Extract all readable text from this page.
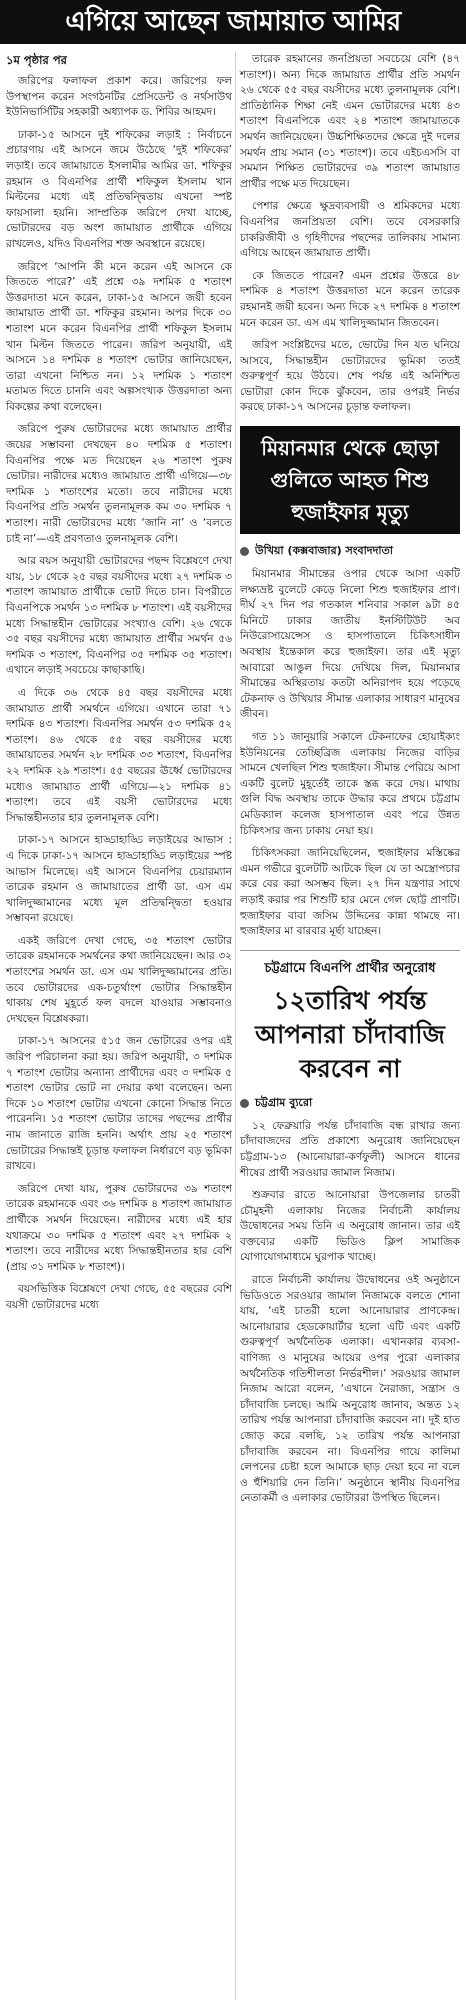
এগিয়ে আছেন জামায়াত আমির
১ম পৃষ্ঠার পর

জরিপের ফলাফল প্রকাশ করে। জরিপের ফল উপস্থাপন করেন সংগঠনটির প্রেসিডেন্ট ও নর্থসাউথ ইউনিভার্সিটির সহকারী অধ্যাপক ড. শিবির আহমদ।

ঢাকা-১৫ আসনে দুই শফিকের লড়াই : নির্বাচনে প্রচারণায় এই আসনে জমে উঠেছে ‘দুই শফিকের’ লড়াই। তবে জামায়াতে ইসলামীর আমির ডা. শফিকুর রহমান ও বিএনপির প্রার্থী শফিকুল ইসলাম খান মিল্টনের মধ্যে এই প্রতিদ্বন্দ্বিতায় এখনো স্পষ্ট ফায়সালা হয়নি। সাম্প্রতিক জরিপে দেখা যাচ্ছে, ভোটারদের বড় অংশ জামায়াত প্রার্থীকে এগিয়ে রাখলেও, যদিও বিএনপির শক্ত অবস্থানে রয়েছে।

জরিপে ‘আপনি কী মনে করেন এই আসনে কে জিততে পারে?’ এই প্রশ্নে ৩৯ দশমিক ৫ শতাংশ উত্তরদাতা মনে করেন, ঢাকা-১৫ আসনে জয়ী হবেন জামায়াত প্রার্থী ডা. শফিকুর রহমান। অপর দিকে ৩০ শতাংশ মনে করেন বিএনপির প্রার্থী শফিকুল ইসলাম খান মিল্টন জিততে পারেন। জরিপ অনুযায়ী, এই আসনে ১৪ দশমিক ৪ শতাংশ ভোটার জানিয়েছেন, তারা এখনো নিশ্চিত নন। ১২ দশমিক ১ শতাংশ মতামত দিতে চাননি এবং অল্পসংখ্যক উত্তরদাতা অন্য বিকল্পের কথা বলেছেন।

জরিপে পুরুষ ভোটারদের মধ্যে জামায়াত প্রার্থীর জয়ের সম্ভাবনা দেখছেন ৪০ দশমিক ৫ শতাংশ। বিএনপির পক্ষে মত দিয়েছেন ২৬ শতাংশ পুরুষ ভোটার। নারীদের মধ্যেও জামায়াত প্রার্থী এগিয়ে—৩৮ দশমিক ১ শতাংশের মতো। তবে নারীদের মধ্যে বিএনপির প্রতি সমর্থন তুলনামূলক কম ৩০ দশমিক ৭ শতাংশ। নারী ভোটারদের মধ্যে ‘জানি না’ ও ‘বলতে চাই না’—এই প্রবণতাও তুলনামূলক বেশি।

আর বয়স অনুযায়ী ভোটারদের পছন্দ বিশ্লেষণে দেখা যায়, ১৮ থেকে ২৫ বছর বয়সীদের মধ্যে ২৭ দশমিক ৩ শতাংশ জামায়াত প্রার্থীকে ভোট দিতে চান। বিপরীতে বিএনপিকে সমর্থন ১৩ দশমিক ৮ শতাংশ। এই বয়সীদের মধ্যে সিদ্ধান্তহীন ভোটারের সংখ্যাও বেশি। ২৬ থেকে ৩৫ বছর বয়সীদের মধ্যে জামায়াত প্রার্থীর সমর্থন ৫৬ দশমিক ৩ শতাংশ, বিএনপির ৩৫ দশমিক ৩৫ শতাংশ। এখানে লড়াই সবচেয়ে কাছাকাছি।

এ দিকে ৩৬ থেকে ৪৫ বছর বয়সীদের মধ্যে জামায়াত প্রার্থী সমর্থনে এগিয়ে। এখানে তারা ৭১ দশমিক ৪৩ শতাংশ। বিএনপির সমর্থন ৫৩ দশমিক ৫২ শতাংশ। ৪৬ থেকে ৫৫ বছর বয়সীদের মধ্যে জামায়াতের সমর্থন ২৮ দশমিক ৩৩ শতাংশ, বিএনপির ২২ দশমিক ২৯ শতাংশ। ৫৫ বছরের ঊর্ধ্বে ভোটারদের মধ্যেও জামায়াত প্রার্থী এগিয়ে—২১ দশমিক ৪১ শতাংশ। তবে এই বয়সী ভোটারদের মধ্যে সিদ্ধান্তহীনতার হার তুলনামূলক বেশি।

ঢাকা-১৭ আসনে হাড্ডাহাড্ডি লড়াইয়ের আভাস : এ দিকে ঢাকা-১৭ আসনে হাড্ডাহাড্ডি লড়াইয়ের স্পষ্ট আভাস মিলেছে। এই আসনে বিএনপির চেয়ারম্যান তারেক রহমান ও জামায়াতের প্রার্থী ডা. এস এম খালিদুজ্জামানের মধ্যে মূল প্রতিদ্বন্দ্বিতা হওয়ার সম্ভাবনা রয়েছে।

একই জরিপে দেখা গেছে, ৩৫ শতাংশ ভোটার তারেক রহমানকে সমর্থনের কথা জানিয়েছেন। আর ৩২ শতাংশের সমর্থন ডা. এস এম খালিদুজ্জামানের প্রতি। তবে ভোটারদের এক-চতুর্থাংশ ভোটার সিদ্ধান্তহীন থাকায় শেষ মুহূর্তে ফল বদলে যাওয়ার সম্ভাবনাও দেখছেন বিশ্লেষকরা।

ঢাকা-১৭ আসনের ৫১৫ জন ভোটারের ওপর এই জরিপ পরিচালনা করা হয়। জরিপ অনুযায়ী, ৩ দশমিক ৭ শতাংশ ভোটার অন্যান্য প্রার্থীদের এবং ৩ দশমিক ৫ শতাংশ ভোটার ভোট না দেয়ার কথা বলেছেন। অন্য দিকে ১০ শতাংশ ভোটার এখনো কোনো সিদ্ধান্ত নিতে পারেননি। ১৫ শতাংশ ভোটার তাদের পছন্দের প্রার্থীর নাম জানাতে রাজি হননি। অর্থাৎ প্রায় ২৫ শতাংশ ভোটারের সিদ্ধান্তই চূড়ান্ত ফলাফল নির্ধারণে বড় ভূমিকা রাখবে।

জরিপে দেখা যায়, পুরুষ ভোটারদের ৩৯ শতাংশ তারেক রহমানকে এবং ৩৬ দশমিক ৪ শতাংশ জামায়াত প্রার্থীকে সমর্থন দিয়েছেন। নারীদের মধ্যে এই হার যথাক্রমে ৩০ দশমিক ৫ শতাংশ এবং ২৭ দশমিক ২ শতাংশ। তবে নারীদের মধ্যে সিদ্ধান্তহীনতার হার বেশি (প্রায় ৩১ দশমিক ৮ শতাংশ)।

বয়সভিত্তিক বিশ্লেষণে দেখা গেছে, ৫৫ বছরের বেশি বয়সী ভোটারদের মধ্যে

তারেক রহমানের জনপ্রিয়তা সবচেয়ে বেশি (৪৭ শতাংশ)। অন্য দিকে জামায়াত প্রার্থীর প্রতি সমর্থন ২৬ থেকে ৫৫ বছর বয়সীদের মধ্যে তুলনামূলক বেশি। প্রাতিষ্ঠানিক শিক্ষা নেই এমন ভোটারদের মধ্যে ৪৩ শতাংশ বিএনপিকে এবং ২৪ শতাংশ জামায়াতকে সমর্থন জানিয়েছেন। উচ্চশিক্ষিতদের ক্ষেত্রে দুই দলের সমর্থন প্রায় সমান (৩১ শতাংশ)। তবে এইচএসসি বা সমমান শিক্ষিত ভোটারদের ৩৯ শতাংশ জামায়াত প্রার্থীর পক্ষে মত দিয়েছেন।

পেশার ক্ষেত্রে ক্ষুদ্রব্যবসায়ী ও শ্রমিকদের মধ্যে বিএনপির জনপ্রিয়তা বেশি। তবে বেসরকারি চাকরিজীবী ও গৃহিণীদের পছন্দের তালিকায় সামান্য এগিয়ে আছেন জামায়াত প্রার্থী।

কে জিততে পারেন? এমন প্রশ্নের উত্তরে ৪৮ দশমিক ৪ শতাংশ উত্তরদাতা মনে করেন তারেক রহমানই জয়ী হবেন। অন্য দিকে ২৭ দশমিক ৪ শতাংশ মনে করেন ডা. এস এম খালিদুজ্জামান জিতবেন।

জরিপ সংশ্লিষ্টদের মতে, ভোটের দিন যত ঘনিয়ে আসবে, সিদ্ধান্তহীন ভোটারদের ভূমিকা ততই গুরুত্বপূর্ণ হয়ে উঠবে। শেষ পর্যন্ত এই অনিশ্চিত ভোটারা কোন দিকে ঝুঁকবেন, তার ওপরই নির্ভর করছে ঢাকা-১৭ আসনের চূড়ান্ত ফলাফল।

মিয়ানমার থেকে ছোড়া গুলিতে আহত শিশু হুজাইফার মৃত্যু
উখিয়া (কক্সবাজার) সংবাদদাতা

মিয়ানমার সীমান্তের ওপার থেকে আসা একটি লক্ষ্যভ্রষ্ট বুলেটে কেড়ে নিলো শিশু হুজাইফার প্রাণ। দীর্ঘ ২৭ দিন পর গতকাল শনিবার সকাল ৯টা ৪৫ মিনিটে ঢাকার জাতীয় ইনস্টিটিউট অব নিউরোসায়েন্সেস ও হাসপাতালে চিকিৎসাধীন অবস্থায় ইন্তেকাল করে হুজাইফা। তার এই মৃত্যু আবারো আঙুল দিয়ে দেখিয়ে দিল, মিয়ানমার সীমান্তের অস্থিরতায় কতটা অনিরাপদ হয়ে পড়েছে টেকনাফ ও উখিয়ার সীমান্ত এলাকার সাধারণ মানুষের জীবন।

গত ১১ জানুয়ারি সকালে টেকনাফের হোয়াইক্যং ইউনিয়নের তেচ্ছিব্রিজ এলাকায় নিজের বাড়ির সামনে খেলছিল শিশু হুজাইফা। সীমান্ত পেরিয়ে আসা একটি বুলেট মুহূর্তেই তাকে স্তব্ধ করে দেয়। মাথায় গুলি বিদ্ধ অবস্থায় তাকে উদ্ধার করে প্রথমে চট্টগ্রাম মেডিক্যাল কলেজ হাসপাতাল এবং পরে উন্নত চিকিৎসার জন্য ঢাকায় নেয়া হয়।

চিকিৎসকরা জানিয়েছিলেন, হুজাইফার মস্তিষ্কের এমন গভীরে বুলেটটি আটকে ছিল যে তা অস্ত্রোপচার করে বের করা অসম্ভব ছিল। ২৭ দিন যন্ত্রণার সাথে লড়াই করার পর শিশুটি হার মেনে গেল ছোট্ট প্রাণটি। হুজাইফার বাবা জসিম উদ্দিনের কান্না থামছে না। হুজাইফার মা বারবার মূর্ছা যাচ্ছেন।

চট্টগ্রামে বিএনপি প্রার্থীর অনুরোধ
১২তারিখ পর্যন্ত আপনারা চাঁদাবাজি করবেন না
চট্টগ্রাম ব্যুরো

১২ ফেব্রুয়ারি পর্যন্ত চাঁদাবাজি বন্ধ রাখার জন্য চাঁদাবাজদের প্রতি প্রকাশ্যে অনুরোধ জানিয়েছেন চট্টগ্রাম-১৩ (আনোয়ারা-কর্ণফুলী) আসনে ধানের শীষের প্রার্থী সরওয়ার জামাল নিজাম।

শুক্রবার রাতে আনোয়ারা উপজেলার চাতরী চৌমুহনী এলাকায় নিজের নির্বাচনী কার্যালয় উদ্বোধনের সময় তিনি এ অনুরোধ জানান। তার এই বক্তব্যের একটি ভিডিও ক্লিপ সামাজিক যোগাযোগমাধ্যমে ঘুরপাক খাচ্ছে।

রাতে নির্বাচনী কার্যালয় উদ্বোধনের ওই অনুষ্ঠানে ভিডিওতে সরওয়ার জামাল নিজামকে বলতে শোনা যায়, ‘এই চাতরী হলো আনোয়ারার প্রাণকেন্দ্র। আনোয়ারার হেডকোয়ার্টার হলো এটি এবং একটি গুরুত্বপূর্ণ অর্থনৈতিক এলাকা। এখানকার ব্যবসা-বাণিজ্য ও মানুষের আয়ের ওপর পুরো এলাকার অর্থনৈতিক গতিশীলতা নির্ভরশীল।’ সরওয়ার জামাল নিজাম আরো বলেন, ‘এখানে নৈরাজ্য, সন্ত্রাস ও চাঁদাবাজি চলছে। আমি অনুরোধ জানাব, অন্তত ১২ তারিখ পর্যন্ত আপনারা চাঁদাবাজি করবেন না। দুই হাত জোড় করে বলছি, ১২ তারিখ পর্যন্ত আপনারা চাঁদাবাজি করবেন না। বিএনপির গায়ে কালিমা লেপনের চেষ্টা হলে আমাকে ছাড় দেয়া হবে না বলে ও হুঁশিয়ারি দেন তিনি।’ অনুষ্ঠানে স্থানীয় বিএনপির নেতাকর্মী ও এলাকার ভোটাররা উপস্থিত ছিলেন।
